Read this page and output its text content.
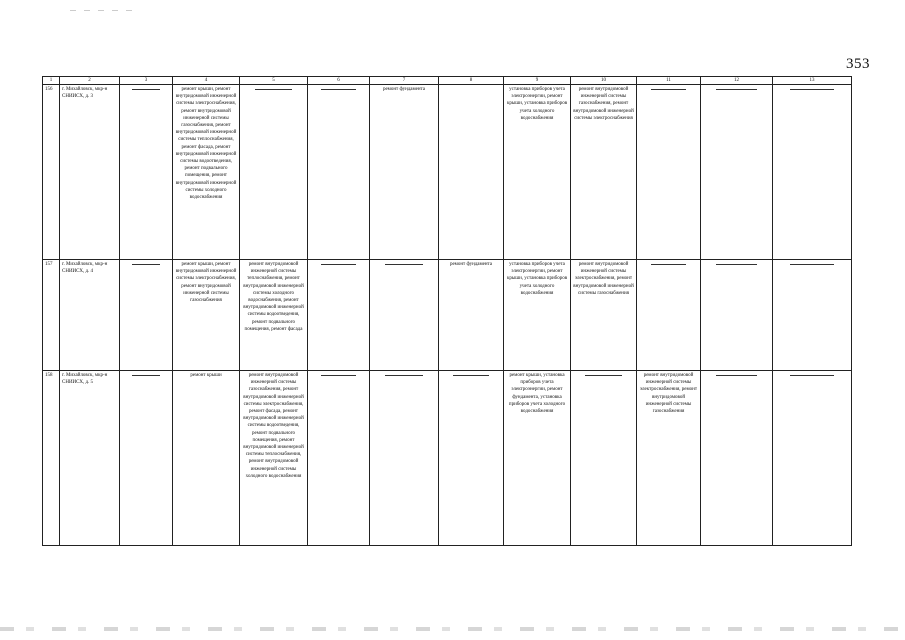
353
1	2	3	4	5	6	7	8	9	10	11	12	13
156	г. Михайловск, мкр-н СНИИСХ, д. 3		ремонт крыши, ремонт внутридомовой инженерной системы электроснабжения, ремонт внутридомовой инженерной системы газоснабжения, ремонт внутридомовой инженерной системы теплоснабжения, ремонт фасада, ремонт внутридомовой инженерной системы водоотведения, ремонт подвального помещения, ремонт внутридомовой инженерной системы холодного водоснабжения			ремонт фундамента		установка приборов учета электроэнергии, ремонт крыши, установка приборов учета холодного водоснабжения	ремонт внутридомовой инженерной системы газоснабжения, ремонт внутридомовой инженерной системы электроснабжения	

157	г. Михайловск, мкр-н СНИИСХ, д. 4		ремонт крыши, ремонт внутридомовой инженерной системы электроснабжения, ремонт внутридомовой инженерной системы газоснабжения	ремонт внутридомовой инженерной системы теплоснабжения, ремонт внутридомовой инженерной системы холодного водоснабжения, ремонт внутридомовой инженерной системы водоотведения, ремонт подвального помещения, ремонт фасада			ремонт фундамента	установка приборов учета электроэнергии, ремонт крыши, установка приборов учета холодного водоснабжения	ремонт внутридомовой инженерной системы электроснабжения, ремонт внутридомовой инженерной системы газоснабжения	

158	г. Михайловск, мкр-н СНИИСХ, д. 5		ремонт крыши	ремонт внутридомовой инженерной системы газоснабжения, ремонт внутридомовой инженерной системы электроснабжения, ремонт фасада, ремонт внутридомовой инженерной системы водоотведения, ремонт подвального помещения, ремонт внутридомовой инженерной системы теплоснабжения, ремонт внутридомовой инженерной системы холодного водоснабжения				ремонт крыши, установка приборов учета электроэнергии, ремонт фундамента, установка приборов учета холодного водоснабжения		ремонт внутридомовой инженерной системы электроснабжения, ремонт внутридомовой инженерной системы газоснабжения	
